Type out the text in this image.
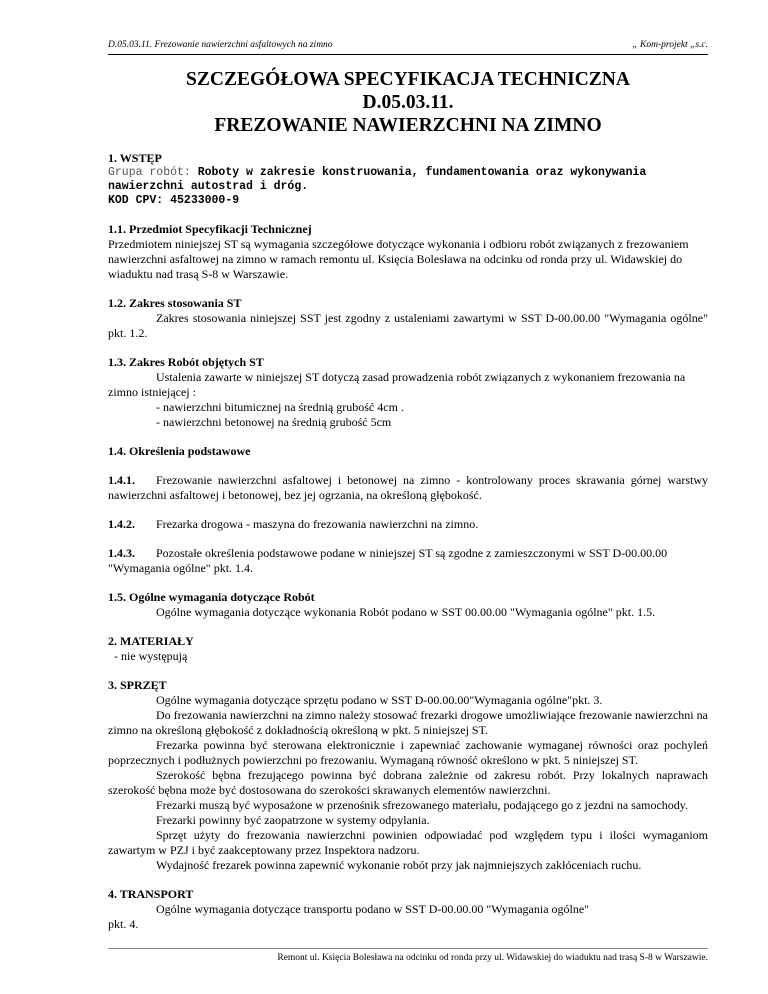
D.05.03.11. Frezowanie nawierzchni asfaltowych na zimno	„ Kom-projekt „s.c.
SZCZEGÓŁOWA SPECYFIKACJA TECHNICZNA
D.05.03.11.
FREZOWANIE NAWIERZCHNI NA ZIMNO

1. WSTĘP

Grupa robót: Roboty w zakresie konstruowania, fundamentowania oraz wykonywania nawierzchni autostrad i dróg.

KOD CPV: 45233000-9

1.1. Przedmiot Specyfikacji Technicznej

Przedmiotem niniejszej ST są wymagania szczegółowe dotyczące wykonania i odbioru robót związanych z frezowaniem nawierzchni asfaltowej na zimno w ramach remontu ul. Księcia Bolesława na odcinku od ronda przy ul. Widawskiej do wiaduktu nad trasą S-8 w Warszawie.

1.2. Zakres stosowania ST

Zakres stosowania niniejszej SST jest zgodny z ustaleniami zawartymi w SST D-00.00.00 "Wymagania ogólne" pkt. 1.2.

1.3. Zakres Robót objętych ST

Ustalenia zawarte w niniejszej ST dotyczą zasad prowadzenia robót związanych z wykonaniem frezowania na zimno istniejącej :

- nawierzchni bitumicznej na średnią grubość 4cm .

- nawierzchni betonowej na średnią grubość 5cm

1.4. Określenia podstawowe

1.4.1. Frezowanie nawierzchni asfaltowej i betonowej na zimno - kontrolowany proces skrawania górnej warstwy nawierzchni asfaltowej i betonowej, bez jej ogrzania, na określoną głębokość.

1.4.2. Frezarka drogowa - maszyna do frezowania nawierzchni na zimno.

1.4.3. Pozostałe określenia podstawowe podane w niniejszej ST są zgodne z zamieszczonymi w SST D-00.00.00 "Wymagania ogólne" pkt. 1.4.

1.5. Ogólne wymagania dotyczące Robót

Ogólne wymagania dotyczące wykonania Robót podano w SST 00.00.00 "Wymagania ogólne" pkt. 1.5.

2. MATERIAŁY

- nie występują

3. SPRZĘT

Ogólne wymagania dotyczące sprzętu podano w SST D-00.00.00"Wymagania ogólne"pkt. 3.

Do frezowania nawierzchni na zimno należy stosować frezarki drogowe umożliwiające frezowanie nawierzchni na zimno na określoną głębokość z dokładnością określoną w pkt. 5 niniejszej ST.

Frezarka powinna być sterowana elektronicznie i zapewniać zachowanie wymaganej równości oraz pochyleń poprzecznych i podłużnych powierzchni po frezowaniu. Wymaganą równość określono w pkt. 5 niniejszej ST.

Szerokość bębna frezującego powinna być dobrana zależnie od zakresu robót. Przy lokalnych naprawach szerokość bębna może być dostosowana do szerokości skrawanych elementów nawierzchni.

Frezarki muszą być wyposażone w przenośnik sfrezowanego materiału, podającego go z jezdni na samochody.

Frezarki powinny być zaopatrzone w systemy odpylania.

Sprzęt użyty do frezowania nawierzchni powinien odpowiadać pod względem typu i ilości wymaganiom zawartym w PZJ i być zaakceptowany przez Inspektora nadzoru.

Wydajność frezarek powinna zapewnić wykonanie robót przy jak najmniejszych zakłóceniach ruchu.

4. TRANSPORT

Ogólne wymagania dotyczące transportu podano w SST D-00.00.00 "Wymagania ogólne"

pkt. 4.

Remont ul. Księcia Bolesława na odcinku od ronda przy ul. Widawskiej do wiaduktu nad trasą S-8 w Warszawie.
